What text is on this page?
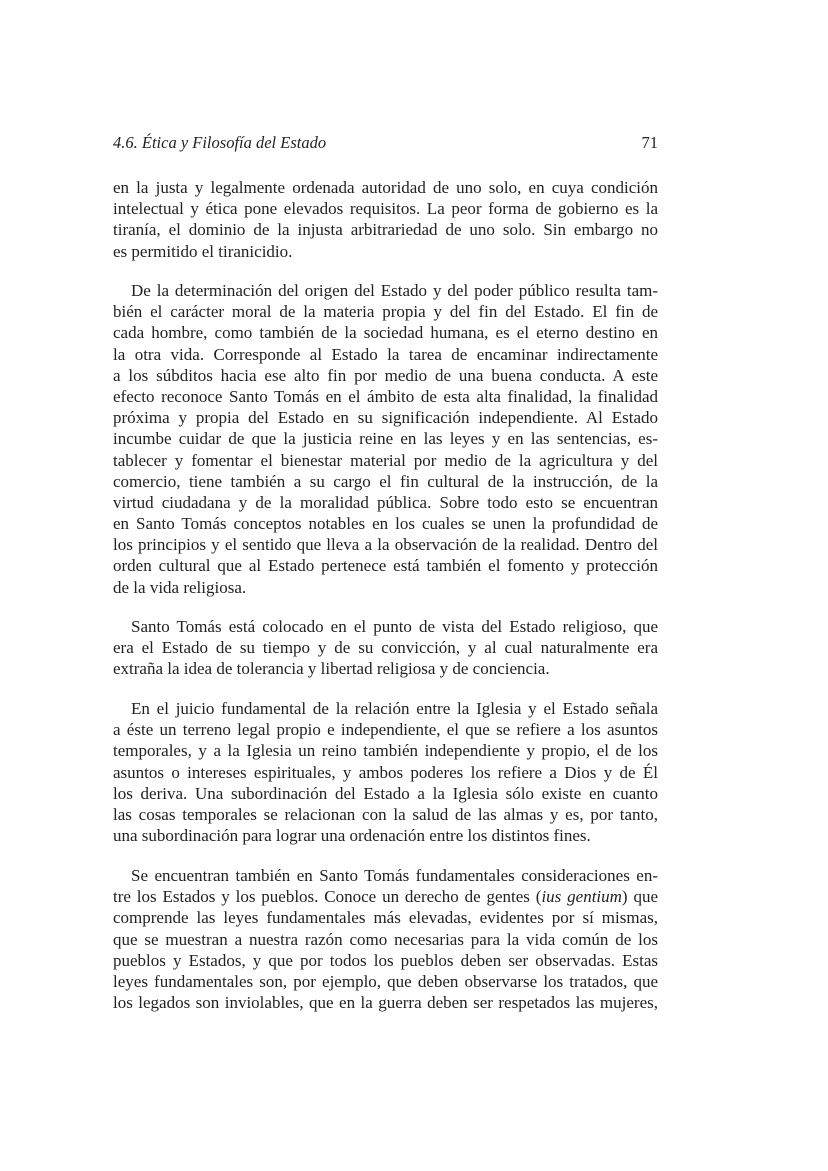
4.6. Ética y Filosofía del Estado	71
en la justa y legalmente ordenada autoridad de uno solo, en cuya condición
intelectual y ética pone elevados requisitos. La peor forma de gobierno es la
tiranía, el dominio de la injusta arbitrariedad de uno solo. Sin embargo no
es permitido el tiranicidio.
De la determinación del origen del Estado y del poder público resulta tam-
bién el carácter moral de la materia propia y del fin del Estado. El fin de
cada hombre, como también de la sociedad humana, es el eterno destino en
la otra vida. Corresponde al Estado la tarea de encaminar indirectamente
a los súbditos hacia ese alto fin por medio de una buena conducta. A este
efecto reconoce Santo Tomás en el ámbito de esta alta finalidad, la finalidad
próxima y propia del Estado en su significación independiente. Al Estado
incumbe cuidar de que la justicia reine en las leyes y en las sentencias, es-
tablecer y fomentar el bienestar material por medio de la agricultura y del
comercio, tiene también a su cargo el fin cultural de la instrucción, de la
virtud ciudadana y de la moralidad pública. Sobre todo esto se encuentran
en Santo Tomás conceptos notables en los cuales se unen la profundidad de
los principios y el sentido que lleva a la observación de la realidad. Dentro del
orden cultural que al Estado pertenece está también el fomento y protección
de la vida religiosa.
Santo Tomás está colocado en el punto de vista del Estado religioso, que
era el Estado de su tiempo y de su convicción, y al cual naturalmente era
extraña la idea de tolerancia y libertad religiosa y de conciencia.
En el juicio fundamental de la relación entre la Iglesia y el Estado señala
a éste un terreno legal propio e independiente, el que se refiere a los asuntos
temporales, y a la Iglesia un reino también independiente y propio, el de los
asuntos o intereses espirituales, y ambos poderes los refiere a Dios y de Él
los deriva. Una subordinación del Estado a la Iglesia sólo existe en cuanto
las cosas temporales se relacionan con la salud de las almas y es, por tanto,
una subordinación para lograr una ordenación entre los distintos fines.
Se encuentran también en Santo Tomás fundamentales consideraciones en-
tre los Estados y los pueblos. Conoce un derecho de gentes (ius gentium) que
comprende las leyes fundamentales más elevadas, evidentes por sí mismas,
que se muestran a nuestra razón como necesarias para la vida común de los
pueblos y Estados, y que por todos los pueblos deben ser observadas. Estas
leyes fundamentales son, por ejemplo, que deben observarse los tratados, que
los legados son inviolables, que en la guerra deben ser respetados las mujeres,
